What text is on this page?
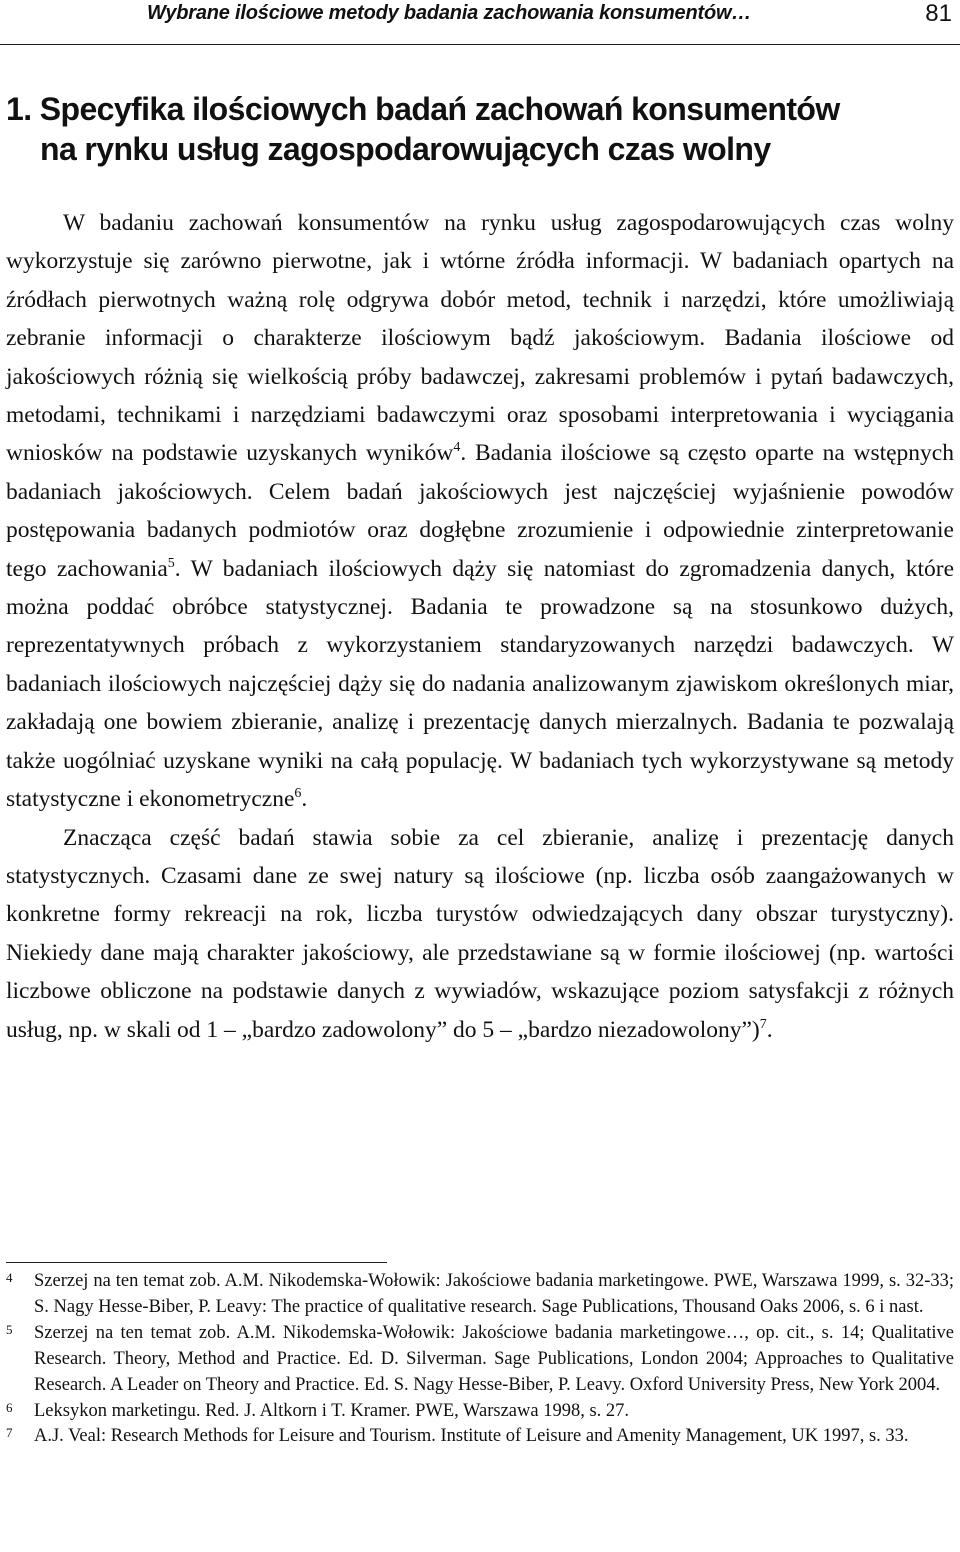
Wybrane ilościowe metody badania zachowania konsumentów…	81
1. Specyfika ilościowych badań zachowań konsumentów
na rynku usług zagospodarowujących czas wolny

W badaniu zachowań konsumentów na rynku usług zagospodarowujących czas wolny wykorzystuje się zarówno pierwotne, jak i wtórne źródła informacji. W badaniach opartych na źródłach pierwotnych ważną rolę odgrywa dobór metod, technik i narzędzi, które umożliwiają zebranie informacji o charakterze ilościowym bądź jakościowym. Badania ilościowe od jakościowych różnią się wielkością próby badawczej, zakresami problemów i pytań badawczych, metodami, technikami i narzędziami badawczymi oraz sposobami interpretowania i wyciągania wniosków na podstawie uzyskanych wyników$^4$. Badania ilościowe są często oparte na wstępnych badaniach jakościowych. Celem badań jakościowych jest najczęściej wyjaśnienie powodów postępowania badanych podmiotów oraz dogłębne zrozumienie i odpowiednie zinterpretowanie tego zachowania$^5$. W badaniach ilościowych dąży się natomiast do zgromadzenia danych, które można poddać obróbce statystycznej. Badania te prowadzone są na stosunkowo dużych, reprezentatywnych próbach z wykorzystaniem standaryzowanych narzędzi badawczych. W badaniach ilościowych najczęściej dąży się do nadania analizowanym zjawiskom określonych miar, zakładają one bowiem zbieranie, analizę i prezentację danych mierzalnych. Badania te pozwalają także uogólniać uzyskane wyniki na całą populację. W badaniach tych wykorzystywane są metody statystyczne i ekonometryczne$^6$.

Znacząca część badań stawia sobie za cel zbieranie, analizę i prezentację danych statystycznych. Czasami dane ze swej natury są ilościowe (np. liczba osób zaangażowanych w konkretne formy rekreacji na rok, liczba turystów odwiedzających dany obszar turystyczny). Niekiedy dane mają charakter jakościowy, ale przedstawiane są w formie ilościowej (np. wartości liczbowe obliczone na podstawie danych z wywiadów, wskazujące poziom satysfakcji z różnych usług, np. w skali od 1 – „bardzo zadowolony” do 5 – „bardzo niezadowolony”)$^7$.

4	Szerzej na ten temat zob. A.M. Nikodemska-Wołowik: Jakościowe badania marketingowe. PWE, Warszawa 1999, s. 32-33; S. Nagy Hesse-Biber, P. Leavy: The practice of qualitative research. Sage Publications, Thousand Oaks 2006, s. 6 i nast.
5	Szerzej na ten temat zob. A.M. Nikodemska-Wołowik: Jakościowe badania marketingowe…, op. cit., s. 14; Qualitative Research. Theory, Method and Practice. Ed. D. Silverman. Sage Publications, London 2004; Approaches to Qualitative Research. A Leader on Theory and Practice. Ed. S. Nagy Hesse-Biber, P. Leavy. Oxford University Press, New York 2004.
6	Leksykon marketingu. Red. J. Altkorn i T. Kramer. PWE, Warszawa 1998, s. 27.
7	A.J. Veal: Research Methods for Leisure and Tourism. Institute of Leisure and Amenity Management, UK 1997, s. 33.
